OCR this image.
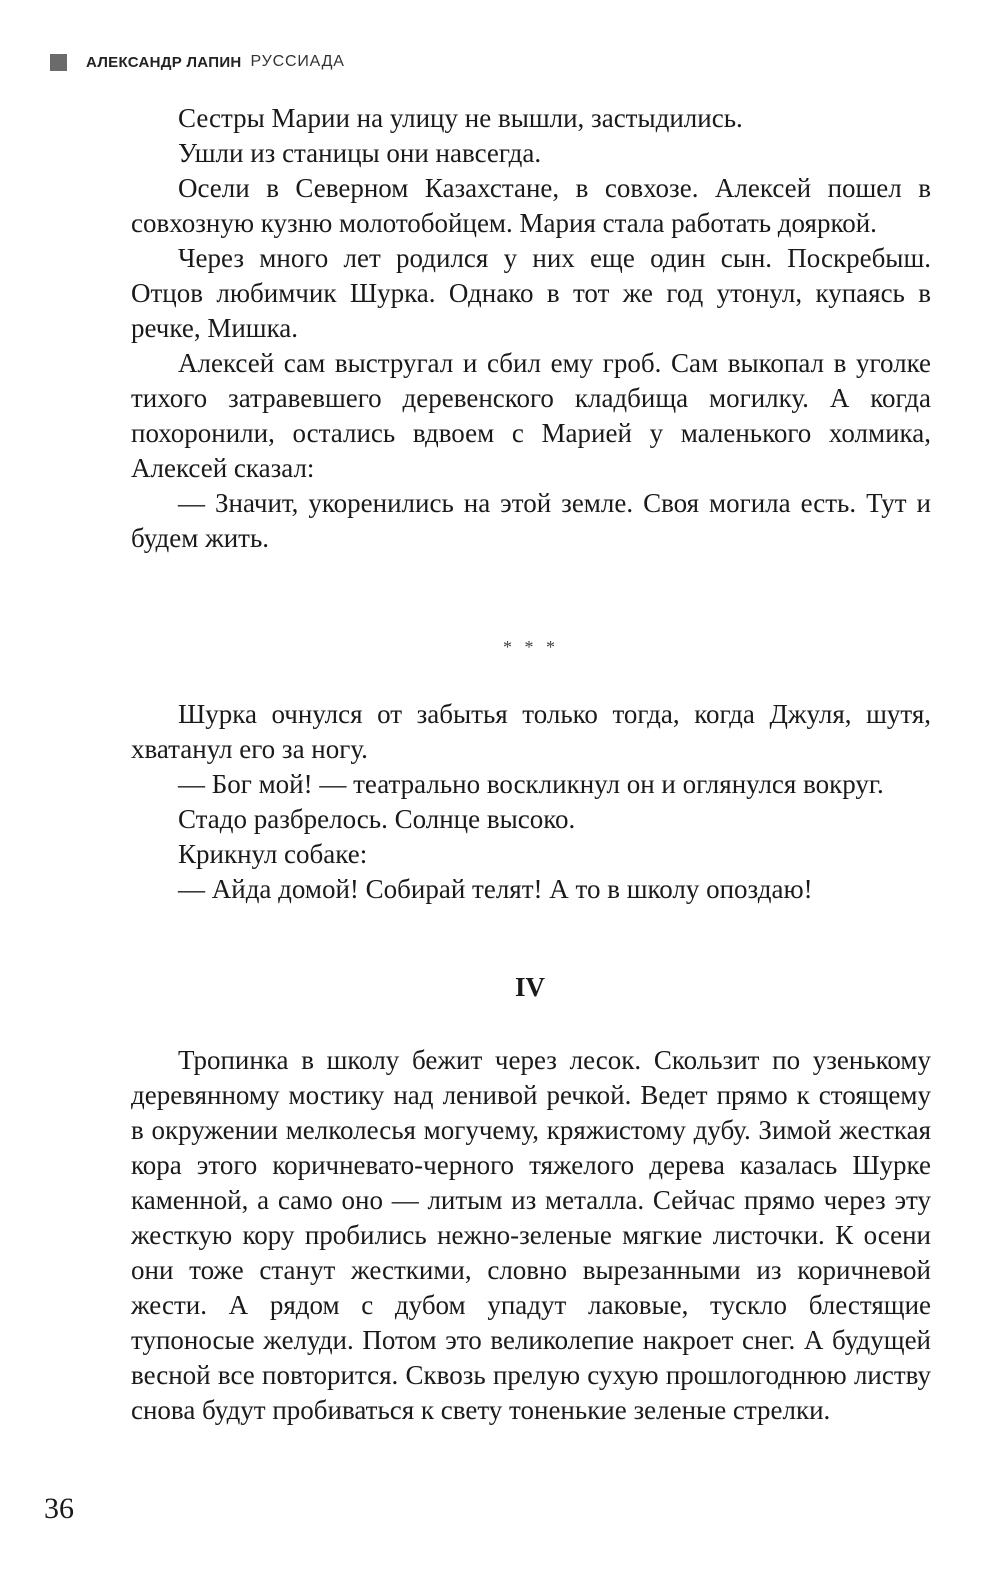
АЛЕКСАНДР ЛАПИН РУССИАДА

Сестры Марии на улицу не вышли, застыдились.

Ушли из станицы они навсегда.

Осели в Северном Казахстане, в совхозе. Алексей пошел в совхозную кузню молотобойцем. Мария стала работать дояркой.

Через много лет родился у них еще один сын. Поскребыш. Отцов любимчик Шурка. Однако в тот же год утонул, купаясь в речке, Мишка.

Алексей сам выстругал и сбил ему гроб. Сам выкопал в уголке тихого затравевшего деревенского кладбища могилку. А когда похоронили, остались вдвоем с Марией у маленького холмика, Алексей сказал:

— Значит, укоренились на этой земле. Своя могила есть. Тут и будем жить.

* * *

Шурка очнулся от забытья только тогда, когда Джуля, шутя, хватанул его за ногу.

— Бог мой! — театрально воскликнул он и оглянулся вокруг.

Стадо разбрелось. Солнце высоко.

Крикнул собаке:

— Айда домой! Собирай телят! А то в школу опоздаю!

IV

Тропинка в школу бежит через лесок. Скользит по узенькому деревянному мостику над ленивой речкой. Ведет прямо к стоящему в окружении мелколесья могучему, кряжистому дубу. Зимой жесткая кора этого коричневато-черного тяжелого дерева казалась Шурке каменной, а само оно — литым из металла. Сейчас прямо через эту жесткую кору пробились нежно-зеленые мягкие листочки. К осени они тоже станут жесткими, словно вырезанными из коричневой жести. А рядом с дубом упадут лаковые, тускло блестящие тупоносые желуди. Потом это великолепие накроет снег. А будущей весной все повторится. Сквозь прелую сухую прошлогоднюю листву снова будут пробиваться к свету тоненькие зеленые стрелки.

36
